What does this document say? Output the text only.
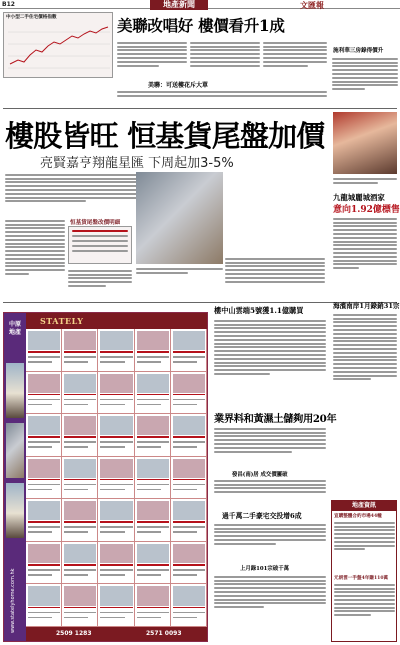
B12	地產新聞	文匯報
中小型二手住宅價格指數	美聯改唱好 樓價看升1成
美聯：可送樓花斥大單
施利華三房錄得價升
樓股皆旺 恒基貨尾盤加價
亮賢嘉亨翔龍星匯 下周起加3-5%
恒基貨尾盤改價明細
九龍城麗城酒家
意向1.92億標售
中原地產
www.statelyhome.com.hk
STATELY
2509 1283	2571 0093
樓中山雲端5號獲1.1億購買	海濱南岸1月錄銷31宗
業界料和黃濕土儲夠用20年
發昌(南)居 成交價屢破
過千萬二手豪宅交投增6成
上月錄101宗破千萬
地產資訊
宣購整體合約市場44幢
元朗雲一手盤4年賺110萬
